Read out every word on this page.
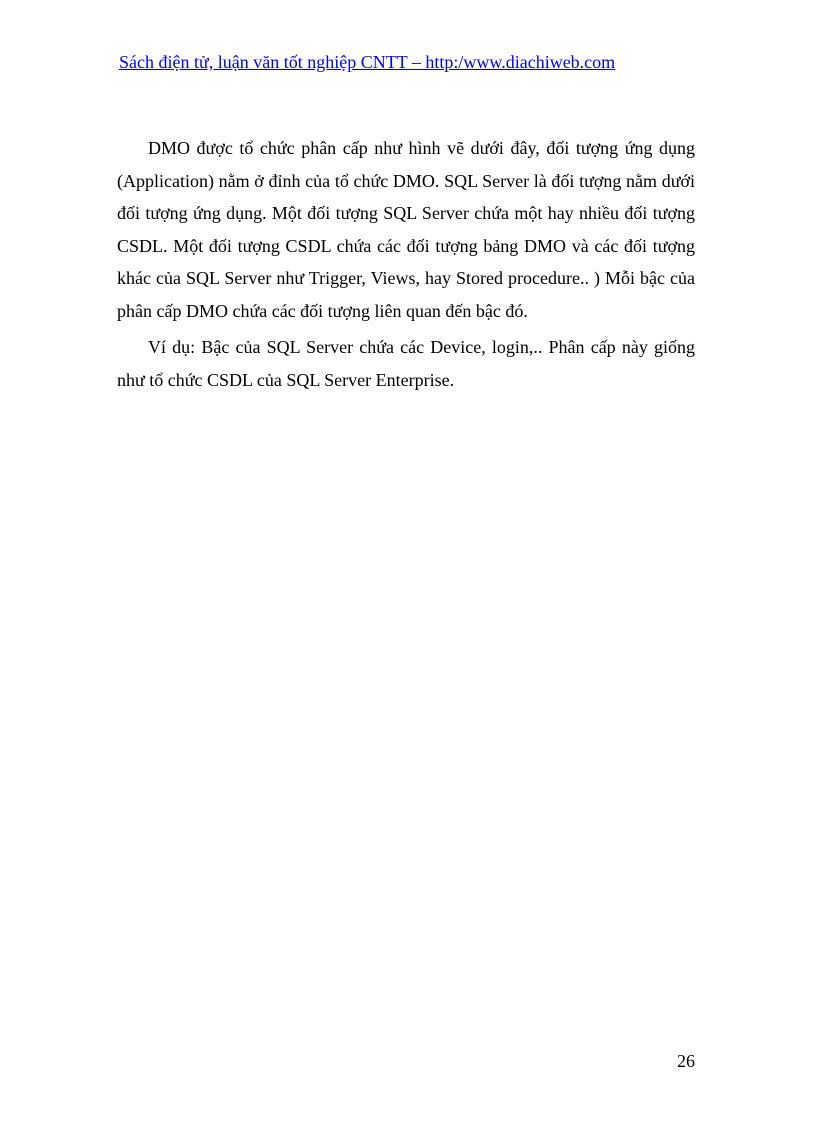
Sách điện tử, luận văn tốt nghiệp CNTT – http:/www.diachiweb.com

DMO được tổ chức phân cấp như hình vẽ dưới đây, đối tượng ứng dụng (Application) nằm ở đỉnh của tổ chức DMO. SQL Server là đối tượng nằm dưới đối tượng ứng dụng. Một đối tượng SQL Server chứa một hay nhiều đối tượng CSDL. Một đối tượng CSDL chứa các đối tượng bảng DMO và các đối tượng khác của SQL Server như Trigger, Views, hay Stored procedure.. ) Mỗi bậc của phân cấp DMO chứa các đối tượng liên quan đến bậc đó.

Ví dụ: Bậc của SQL Server chứa các Device, login,.. Phân cấp này giống như tổ chức CSDL của SQL Server Enterprise.

26
